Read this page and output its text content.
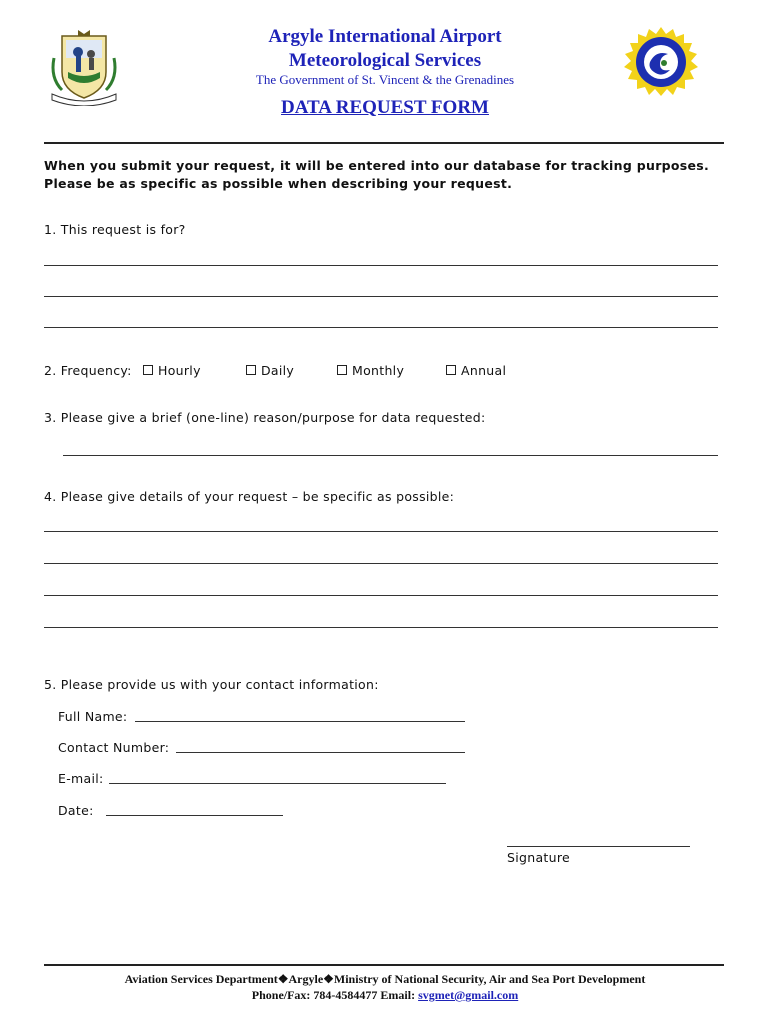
Argyle International Airport
Meteorological Services
The Government of St. Vincent & the Grenadines
DATA REQUEST FORM
When you submit your request, it will be entered into our database for tracking purposes.
Please be as specific as possible when describing your request.
1. This request is for?
2. Frequency:	Hourly	Daily	Monthly	Annual
3. Please give a brief (one-line) reason/purpose for data requested:
4. Please give details of your request – be specific as possible:
5. Please provide us with your contact information:
Full Name:
Contact Number:
E-mail:
Date:
Signature
Aviation Services Department❖Argyle❖Ministry of National Security, Air and Sea Port Development
Phone/Fax: 784-4584477 Email: svgmet@gmail.com
